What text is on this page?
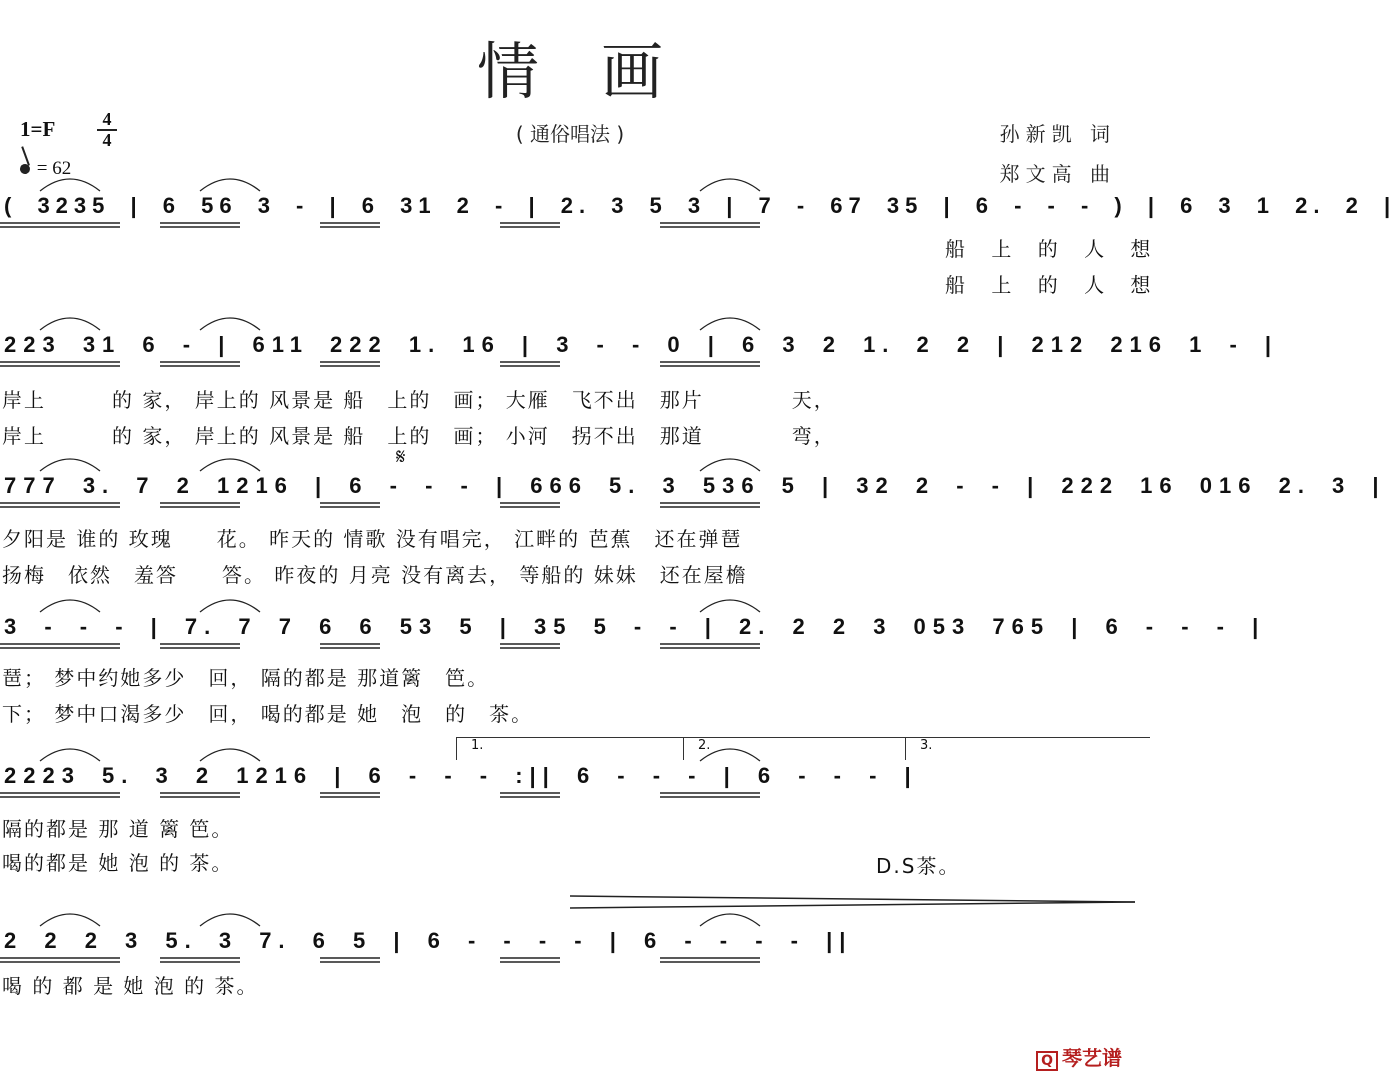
情画
1=F	4
4
= 62
( 通俗唱法 )	孙新凯 词
郑文高 曲
( 3235 | 6 56 3 - | 6 31 2 - | 2. 3 5 3 | 7 - 67 35 | 6 - - - ) | 6 3 1 2. 2 |
船 上 的 人 想
船 上 的 人 想
223 31 6 - | 611 222 1. 16 | 3 - - 0 | 6 3 2 1. 2 2 | 212 216 1 - |
岸上　　　的 家， 岸上的 风景是 船　上的　画； 大雁　飞不出　那片　　　　天，
岸上　　　的 家， 岸上的 风景是 船　上的　画； 小河　拐不出　那道　　　　弯，
777 3. 7 2 1216 | 6 - - - | 666 5. 3 536 5 | 32 2 - - | 222 16 016 2. 3 |
夕阳是 谁的 玫瑰　　花。 昨天的 情歌 没有唱完， 江畔的 芭蕉　还在弹琶
扬梅　依然　羞答　　答。 昨夜的 月亮 没有离去， 等船的 妹妹　还在屋檐
3 - - - | 7. 7 7 6 6 53 5 | 35 5 - - | 2. 2 2 3 053 765 | 6 - - - |
琶； 梦中约她多少　回， 隔的都是 那道篱　笆。
下； 梦中口渴多少　回， 喝的都是 她　泡　的　茶。
2223 5. 3 2 1216 | 6 - - - :|| 6 - - - | 6 - - - |
隔的都是 那 道 篱 笆。
喝的都是 她 泡 的 茶。
2 2 2 3 5. 3 7. 6 5 | 6 - - - - | 6 - - - - ||
喝 的 都 是 她 泡 的 茶。
𝄋
D.S茶。
1.	2.	3.
Q 琴艺谱
